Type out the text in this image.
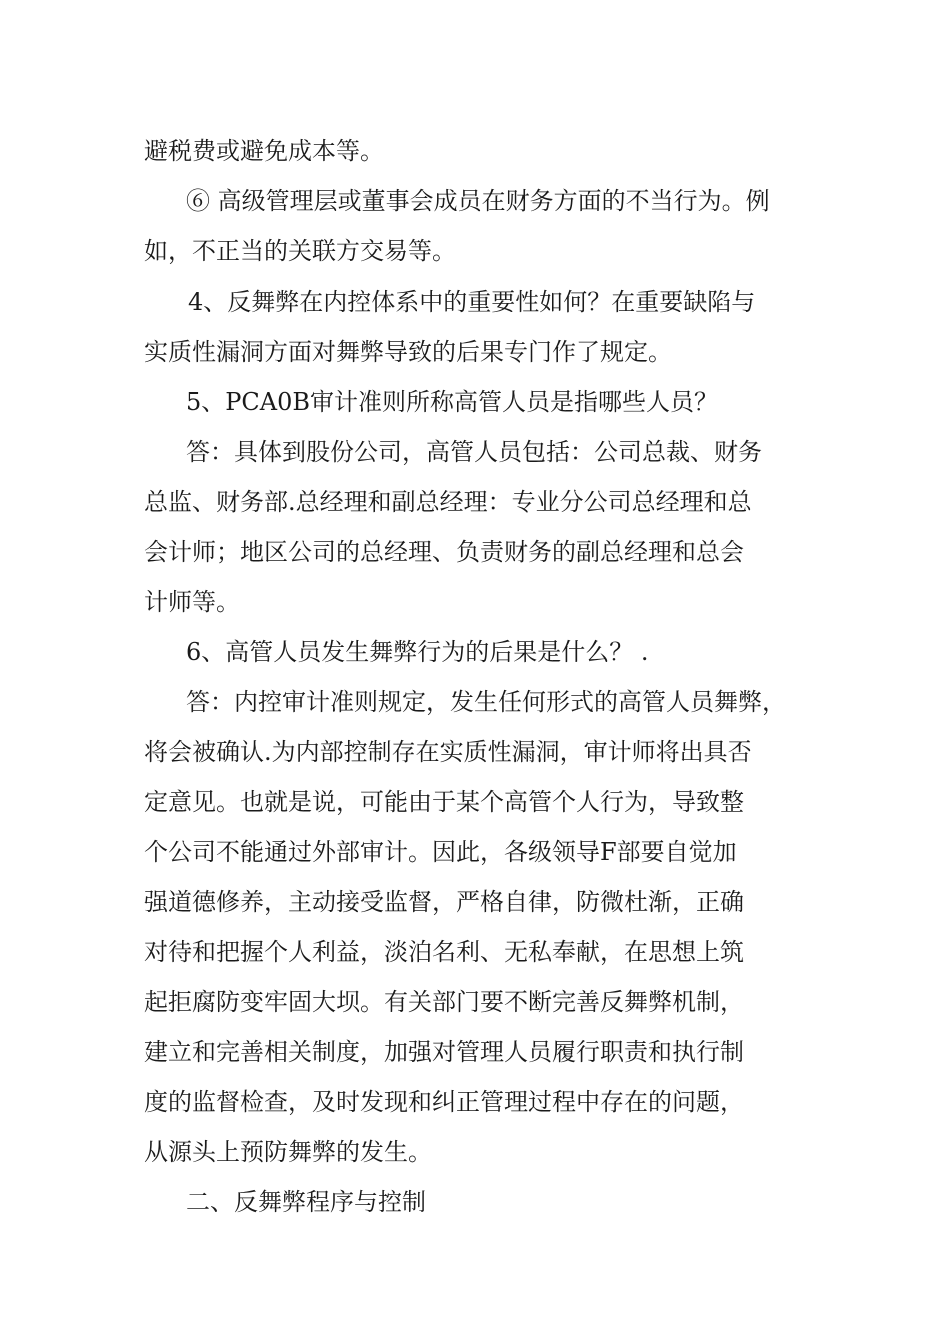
避税费或避免成本等。

⑥ 高级管理层或董事会成员在财务方面的不当行为。例

如，不正当的关联方交易等。

4、反舞弊在内控体系中的重要性如何？在重要缺陷与

实质性漏洞方面对舞弊导致的后果专门作了规定。

5、PCA0B审计准则所称高管人员是指哪些人员？

答：具体到股份公司，高管人员包括：公司总裁、财务

总监、财务部.总经理和副总经理：专业分公司总经理和总

会计师；地区公司的总经理、负责财务的副总经理和总会

计师等。

6、高管人员发生舞弊行为的后果是什么？ .

答：内控审计准则规定，发生任何形式的高管人员舞弊，

将会被确认.为内部控制存在实质性漏洞，审计师将出具否

定意见。也就是说，可能由于某个高管个人行为，导致整

个公司不能通过外部审计。因此，各级领导F部要自觉加

强道德修养，主动接受监督，严格自律，防微杜渐，正确

对待和把握个人利益，淡泊名利、无私奉献，在思想上筑

起拒腐防变牢固大坝。有关部门要不断完善反舞弊机制，

建立和完善相关制度，加强对管理人员履行职责和执行制

度的监督检查，及时发现和纠正管理过程中存在的问题，

从源头上预防舞弊的发生。

二、反舞弊程序与控制
